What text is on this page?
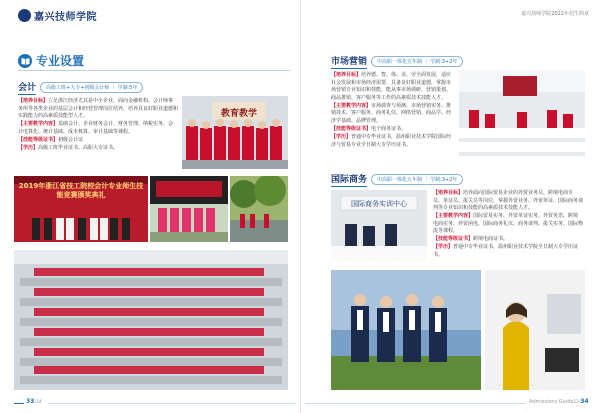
嘉兴技师学院
专业设置
会计	高级工班+大专+初级会计师 ｜ 学制:5年

【培养目标】立足浙江经济尤其是中小企业，面向金融机构、会计师事务所等各类企业的基层会计和经营管理岗位培养，培养具良好职业道德和实践能力的高素质技能型人才。

【主要教学内容】基础会计、企业财务会计、财务管理、纳税实务、会计电算化、统计基础、成本核算、审计基础等课程。

【技能等级证书】初级会计证

【学历】高级工班毕业证书、高职大专证书。

教育教学
2019年浙江省技工院校会计专业师生技能竞赛颁奖典礼
33/34
嘉兴技师学院2022年招生简章
市场营销	中高职一体化五年制 ｜ 学制:3+2年

【培养目标】培养德、智、体、美、劳全面发展，适应社会发展和市场经济需要，具备良好职业道德，掌握市场营销专业知识和技能，能从事市场调研、营销策划、商品推销、客户服务等工作的高素质技术技能人才。

【主要教学内容】市场调查与预测、市场营销实务、推销技术、客户服务、商务礼仪、网络营销、商品学、经济学基础、品牌管理。

【技能等级证书】电子商务证书。

【学历】普通中专毕业证书，温州职业技术学院国际经济与贸易专业全日制大专学历证书。

国际商务	中高职一体化五年制 ｜ 学制:3+2年
国际商务实训中心

【培养目标】培养面向国际贸易企业的外贸业务员、跨境电商专员、单证员、报关员等岗位，掌握外贸业务、外贸单证、国际商务谈判等专业知识和技能的高素质技术技能人才。

【主要教学内容】国际贸易实务、外贸单证实务、外贸英语、跨境电商实务、外贸函电、国际商务礼仪、商务谈判、报关实务、国际物流等课程。

【技能等级证书】跨境电商证书。

【学历】普通中专毕业证书，温州职业技术学院全日制大专学历证书。

Admissions Guide 33/34
